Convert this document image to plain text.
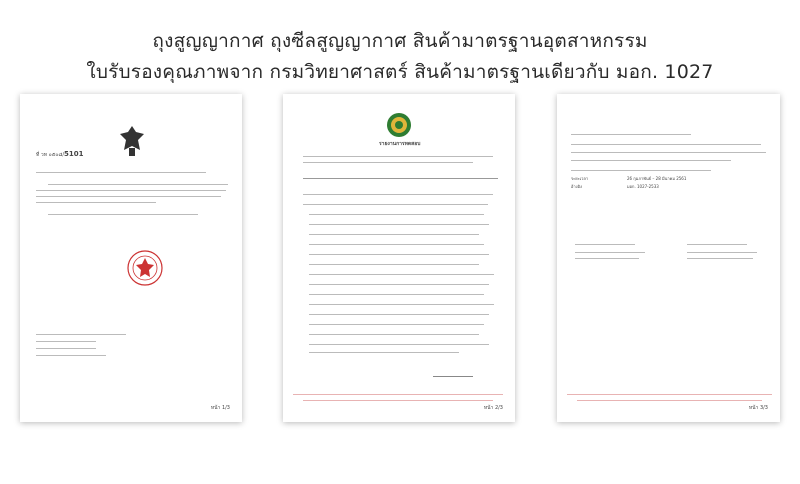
ถุงสูญญากาศ ถุงซีลสูญญากาศ สินค้ามาตรฐานอุตสาหกรรม
ใบรับรองคุณภาพจาก กรมวิทยาศาสตร์ สินค้ามาตรฐานเดียวกับ มอก. 1027
ที่ วท ๐๕๐๘/5101
หน้า 1/3
รายงานการทดสอบ
หน้า 2/3
ระยะเวลา	26 กุมภาพันธ์ – 28 มีนาคม 2561
อ้างอิง	มอก. 1027-2533
หน้า 3/3
